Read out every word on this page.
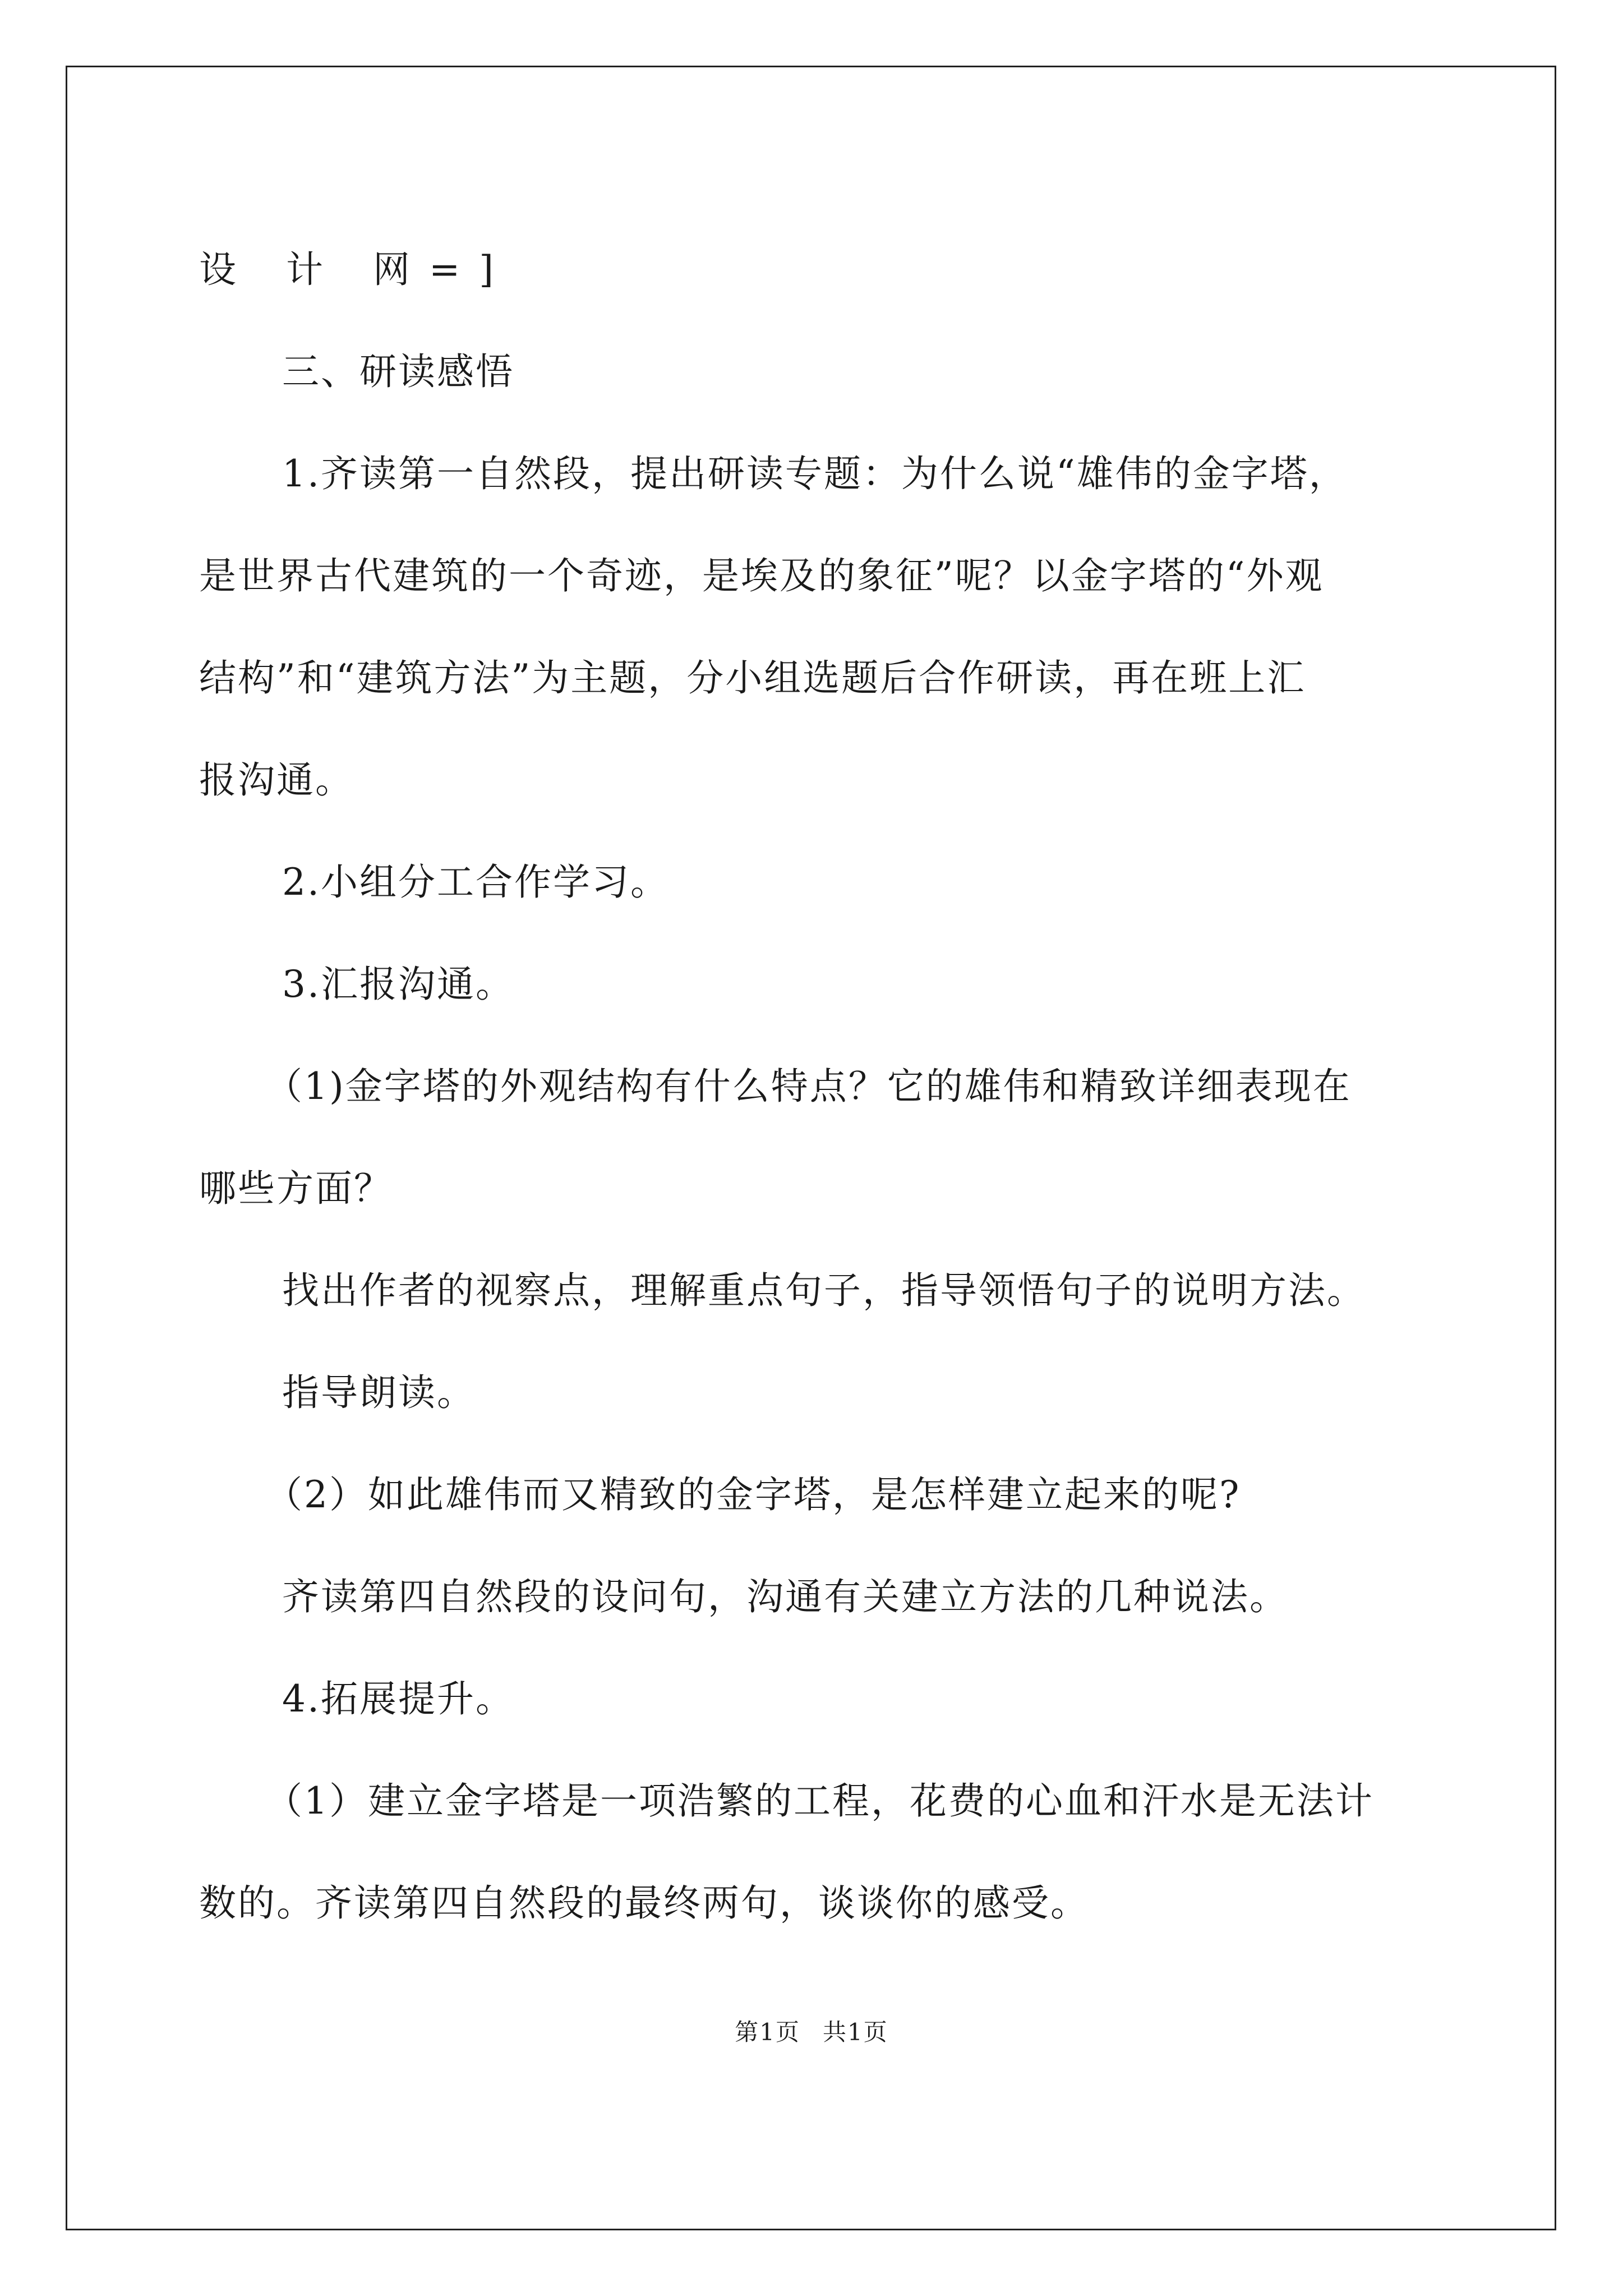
设 计 网=]

三、研读感悟

1.齐读第一自然段，提出研读专题：为什么说“雄伟的金字塔，

是世界古代建筑的一个奇迹，是埃及的象征”呢？以金字塔的“外观

结构”和“建筑方法”为主题，分小组选题后合作研读，再在班上汇

报沟通。

2.小组分工合作学习。

3.汇报沟通。

（1)金字塔的外观结构有什么特点？它的雄伟和精致详细表现在

哪些方面？

找出作者的视察点，理解重点句子，指导领悟句子的说明方法。

指导朗读。

（2）如此雄伟而又精致的金字塔，是怎样建立起来的呢?

齐读第四自然段的设问句，沟通有关建立方法的几种说法。

4.拓展提升。

（1）建立金字塔是一项浩繁的工程，花费的心血和汗水是无法计

数的。齐读第四自然段的最终两句，谈谈你的感受。

第1页 共1页
